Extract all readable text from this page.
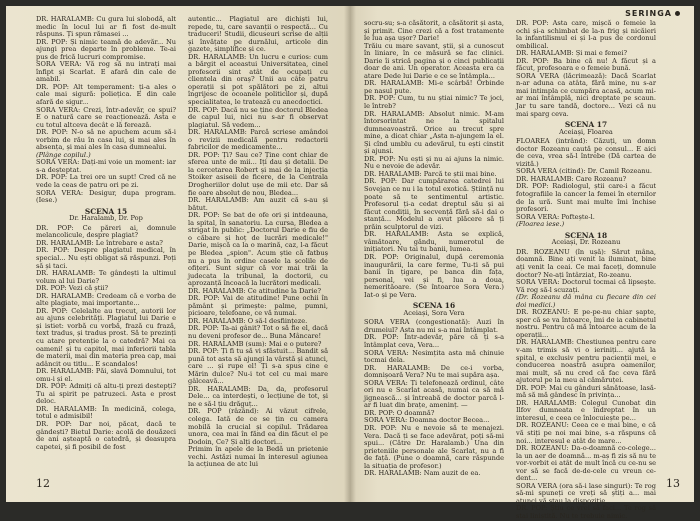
DR. HARALAMB: Cu gura lui slobodă, alt medic în locul lui ar fi fost de-mult răspuns. Ți spun rămasei ...

DR. POP: Și nimic teamă de adevăr... Nu ajungi prea departe în probleme. Te-ai pus de frică lucruri compromise.

SORA VERA: Vă rog să nu intrați mai înfipt și Scarlat. E afară din cale de amabil.

DR. POP: Alt temperament: ți-a ales o cale mai sigură: poliețica. E din cale afară de sigur...

SORA VERA: Crezi, într-adevăr, ce spui? E o natură care se reacționează. Asta e cu totul altceva decât e lă ferează.

DR. POP: N-o să ne apuchem acum să-i vorbim de rău în casa lui, și mai ales în absența, și mai ales în casa dumnealui.

(Plânge copilul.)

SORA VERA: Dați-mi voie un moment: iar s-a deșteptat.

DR. POP: La trei ore un supt! Cred că ne vede la ceas de patru ori pe zi.

SORA VERA: Desigur, dupa program. (Iese.)

SCENA 15

Dr. Haralamb, Dr. Pop

DR. POP: Ce păreri ai, domnule melancolicule, despre plagiat?

DR. HARALAMB: Le întrebare e asta?

DR. POP: Despre plagiatul medical, în special... Nu ești obligat să răspunzi. Poți să și taci.

DR. HARALAMB: Te gândești la ultimul volum al lui Darie?

DR. POP: Vezi că știi?

DR. HARALAMB: Credeam că e vorba de alte plagiate, mai importante...

DR. POP: Celelalte au trecut, autorii lor au ajuns celebrități. Plagiatul lui Darie e și istiet: vorbă cu vorbă, frază cu frază, text tradus, și tradus prost. Să te prezinți cu atare pretenție la o catedră? Mai ca oameni! și tu capitol, mai inferiorii tabla de materii, mai din materia prea cap, mai adâncit ou titlu... E scandalos!

DR. HARALAMB: Păi, slavă Domnului, tot omu-i și el.

DR. POP: Admiți că altu-ți prezi destepți? Tu ai spirit pe patruzeci. Asta e prost deloc.

DR. HARALAMB: În medicină, colega, totul e admisibil!

DR. POP: Dar noi, păcat, dacă te gândești? Bietul Darie: acolă de douăzeci de ani așteaptă o catedră, și deasupra capetei, și fi posibil de fost

autentic... Plagiatul are dichiști lui, repede, tu, care savanții o respectă... Cu traduceri! Studii, dicuseuri scrise de alții și învățate pe durnălui, articole din gazete, simplifice și ce.

DR. HARALAMB: Un lucru e curios: cum a bărgit el aceastui Universitatea, cinel profesorii sint atât de ocupați cu clientela din oraș? Unii au câte patru operații și pot spălători pe zi, altui îngrijesc de ocoanele politicilor și, după specialitatea, le tratează cu anecdoctici.

DR. POP: Dacă nu se ține doctorul Bledea de capul lui, nici nu s-ar fi observat plagiatul. Să vedem...

DR. HARALAMB: Parcă scriese amândoi o revizii medicală pentru redactorii fabricilor de medicamente...

DR. POP: Ți? Sau ce? Ține cont chiar de sferea unte de mii... Iți dau și detalii. De la cercetarea Robert și mai de la injecția Stoiker asiseii de ficere, de la Centrala Drogheriilor dolut ușe de mii etc. Dar să fie oare absolut de nou, Bledea...

DR. HARALAMB: Am auzit că s-au și bătut.

DR. POP: Se bat de ofe ori și intdeauna, la spital, în sanatoriu. La cursa, Bledea a strigat în public: „Doctorul Darie e fiu de o căbare și hoț de lucrări medicale!" Darie, mișcă ca la o marină, caz, l-a făcut pe Bledea „spion". Acum știe că fatbuș nu a pus în ordine casele la școlile de ofițeri. Sunt sigur că vor mai trăi la judecata la tribunal, la doctorii, cu aprozanță încoacă la lucrători medicali.

DR. HARALAMB: Ce atitudine la Darie?

DR. POP: Vai de atitudine! Pune ochii în pământ și primește: palme, pumni, picioare, telefoane, ce vă numai.

DR. HARALAMB: O să-l desființeze.

DR. POP: Ta-ai gânit? Tot o să fie el, dacă nu deveni profesor de... Buna Mâncare!

DR. HARALAMB (sum): Mai e o putere?

DR. POP: Ți fi tu să vi sfăstuit... Bandit să pună tot asta să ajungi la vârstă și atunci, care ... și rupe el! Ți s-a spus cine e Mărin dulce? Nu-i tot cel cu mai mare gâlceavă...

DR. HARALAMB: Da, da, profesorul Dele... ca interdești, o lecțiune de tot, și ne e să-l țiu drăguț...

DR. POP (râzând): Ai văzut cifrele, colega. Iată de ce se țin cu camera mobilă la crucial și copilul. Trădarea unora, cea mai în fănd ea din făcut el pe Dodoin, Ce? Și alți doctori...

Primim în apele de la Bedă un prietenie vechi. Astăzi numai în interesul agiunea la acțiunea de atc lui

12
SERINGA

socru-su; s-a căsătorit, a căsătorit și asta, și primit. Cine crezi că a fost tratamente le lua așa ușor? Darie!

Trăiu cu mare savant, știi, și a cunoscut în liniare, în ce măsură se fac clinici. Darie îi strică pagina și o cinci publicații doar de ani. Un operator. Aceasta era ca atare Dede lui Darie e ce se întâmpla...

DR. HARALAMB: Mi-e scârbă! Orbinde pe nasul pute.

DR. POP: Cum, tu nu știai nimic? Te joci, le întreb?

DR. HARALAMB: Absolut nimic. M-am întorsorintat ne la spitalul dumneavoastră. Orice au trecut spre mine, a dicat chiar „Asta n-ajungem la el. Și cînd umblu cu adevărul, tu ești cinstit și ajunsi.

DR. POP: Nu ești și nu ai ajuns la nimic. Nu e nevoie de adevăr.

DR. HARALAMB: Parcă te știi mai bine.

DR. POP: Dar cumpărarea catedrei lui Sovejan ce nu i la totul exotică. Știință nu poate să te sentimentul artistic. Profesorul ți-a cedat dreptul său și ai făcut condiții, în secvență fără să-i dai o stanță... Modelul a avut plăcere să ți prăin sculptorul de vizi.

DR. HARALAMB: Asta se explică, vâmătoare, găndu, numerotul de inițiatori. Nu tai tu banii, lumea.

DR. POP: Originalul, după ceremonia inaugurării, la care ferme, Tu-ți să pui banii în țigare, pe banca din fața, personal, vei și fi, lua a doua, nemerităoare. (Se întoarce Sora Vera.) Iat-o și pe Vera.

SCENA 16

Aceiași, Sora Vera

SORA VERA (congestionată): Auzi în drumeiul? Asta nu mi s-a mai întâmplat.

DR. POP: Într-adevăr, păre că ți s-a întâmplat ceva, Vera...

SORA VERA: Nesimțita asta mă chinuie tocmai dela.

DR. HARALAMB: De ce-i vorba, domnișoară Vera? Nu te mai supăra așa.

SORA VERA: Ți telefonează ordinul, câte ori nu e Scarlat acasă, numai ca să mă jignească... și întreabă de doctor parcă l-ar fi luat din brațe, ameninț. —

DR. POP: O doamnă?

SORA VERA: Doamna doctor Becea...

DR. POP: Nu e nevoie să te menajezi. Vera. Dacă ți se face adevărat, poți să-mi spui... (Către Dr. Haralamb.) Una din prieteniile personale ale Scarlat, nu a fi de față. (Pune o doamnă, care răspunde la situația de profesor.)

DR. HARALAMB: Nam auzit de ea.

DR. POP: Asta care, mișcă o femeie la ochi și-a schimbat de la-n frig și nicăieri la infantilismul ei și l-a pus de cordonul ombilical.

DR. HARALAMB: Și mai e femei?

DR. POP: Ba bine că nu! A făcut și a făcut, profesoara e o femeie bună.

SORA VERA (lăcrimează): Dacă Scarlat n-ar aduna ca atâta, fără mine, nu s-ar mai intimpla ce cumpăra acasă, acum mi-ar mai întâmplă, nici dreptate pe scaun. Jar tu sare tandă, doctore... Vezi că nu mai sparg ceva.

SCENA 17

Aceiași, Floarea

FLOAREA (intrând): Căzuți, un domn doctor Rozeanu caută pe consul... E aici de ceva, vrea să-l întrebe (Dă cartea de vizită.)

SORA VERA (citind): Dr. Camil Rozeanu.

DR. HARALAMB: Care Rozeanu?

DR. POP: Radiologul, știi care-i a făcut fotografiile la cancer la femei în eternilor de la ură. Sunt mai multe îmi închise profesori.

SORA VERA: Poftește-l.

(Floarea iese.)

SCENA 18

Aceiași, Dr. Rozeanu

DR. ROZEANU (în ușă): Sărut mâna, doamnă. Bine ați venit la iluminat, bine ați venit la ceai. Ce mai faceți, domnule doctor? Ne-ați întârziat, Ro-zeanu.

SORA VERA: Doctorul tocmai că lipsește. Vă rog să-l scuzați.

(Dr. Rozeanu dă mâna cu fiecare din cei doi medici.)

DR. ROZEANU: E pe-pe-nu chiar șapte, sper că se va întoarce, îmi de ia cabinetul nostru. Pentru că mă întoarce acum de la operații...

DR. HARALAMB: Chestiunea pentru care v-am trimis să vi o ieriniți... ajută la spital, e exclusiv pentru pacienții mei, e conducerea noastră asupra oamenilor, mai mult, să nu cred că fac ceva fără ajutorul pe la meu al cămăruței.

DR. POP: Mai cu gânduri sănătoase, lasă-mă să mă gândesc în privința...

DR. HARALAMB: Colegul Cunobat din Ilfov dumneata e îndreptat în un interesul, e ceea ce înlocuiește pe...

DR. ROZEANU: Ceea ce e mai bine, e că vă stiți pe noi mai bine, s-a răspuns că noi... interesul e atât de mare...

DR. ROZEANU: Da-o-doamnă co-colege... la un aer de doamnă... m-aș fi zis să nu te vor-vorbit ei atât de mult încă cu ce-nu se vor să se facă de-de-cele cu vreun ce-dent...

SORA VERA (ora să-i lase singuri): Te rog să-mi spuneți ce vreți să știți a... mai atunci vă stau la dispoziție.

DR. POP: Știu ce vrei să faci... Te rog să stai liniștită. Nu te trebuie nimic.

13
